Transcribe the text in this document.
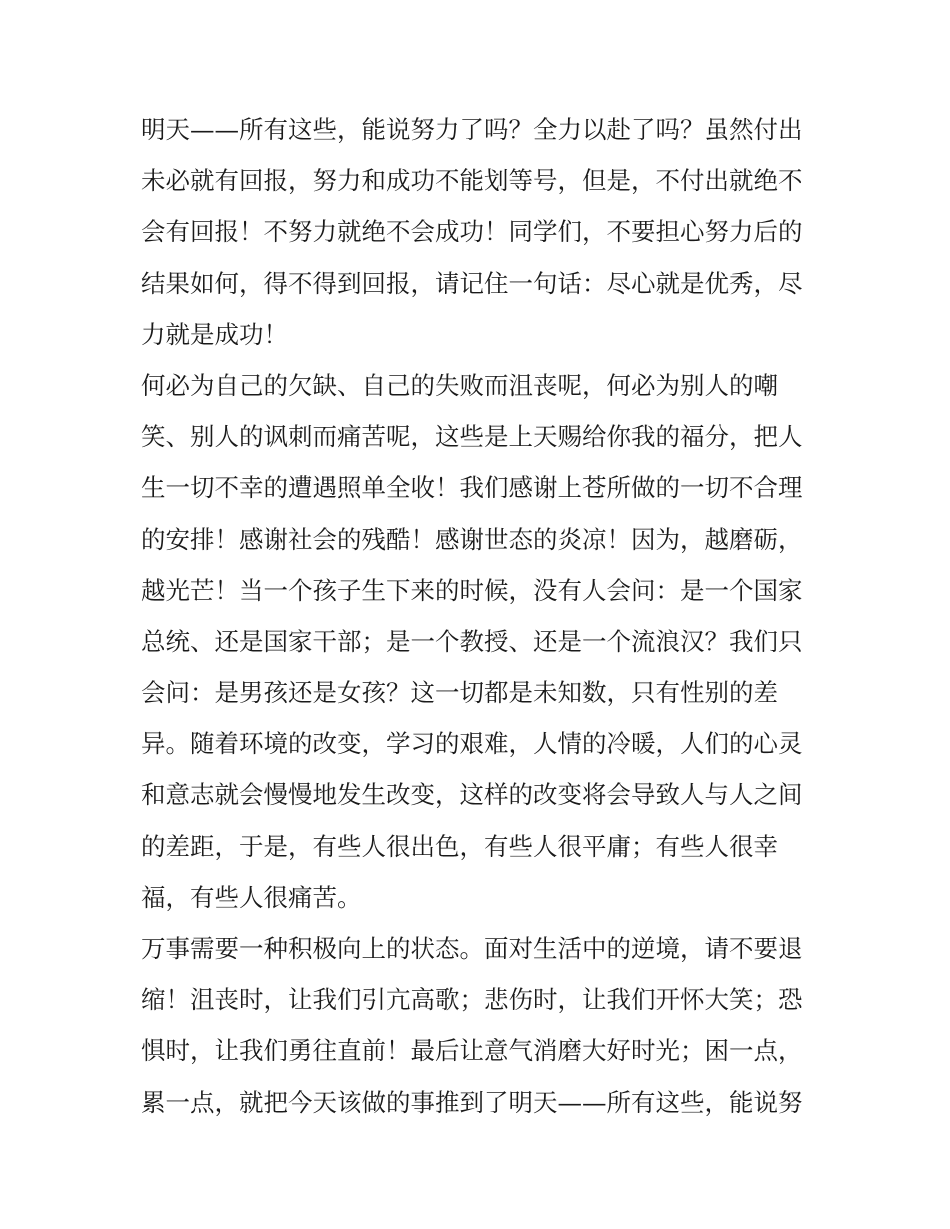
明天——所有这些，能说努力了吗？全力以赴了吗？虽然付出
未必就有回报，努力和成功不能划等号，但是，不付出就绝不
会有回报！不努力就绝不会成功！同学们，不要担心努力后的
结果如何，得不得到回报，请记住一句话：尽心就是优秀，尽
力就是成功！
何必为自己的欠缺、自己的失败而沮丧呢，何必为别人的嘲
笑、别人的讽刺而痛苦呢，这些是上天赐给你我的福分，把人
生一切不幸的遭遇照单全收！我们感谢上苍所做的一切不合理
的安排！感谢社会的残酷！感谢世态的炎凉！因为，越磨砺，
越光芒！当一个孩子生下来的时候，没有人会问：是一个国家
总统、还是国家干部；是一个教授、还是一个流浪汉？我们只
会问：是男孩还是女孩？这一切都是未知数，只有性别的差
异。随着环境的改变，学习的艰难，人情的冷暖，人们的心灵
和意志就会慢慢地发生改变，这样的改变将会导致人与人之间
的差距，于是，有些人很出色，有些人很平庸；有些人很幸
福，有些人很痛苦。
万事需要一种积极向上的状态。面对生活中的逆境，请不要退
缩！沮丧时，让我们引亢高歌；悲伤时，让我们开怀大笑；恐
惧时，让我们勇往直前！最后让意气消磨大好时光；困一点，
累一点，就把今天该做的事推到了明天——所有这些，能说努
